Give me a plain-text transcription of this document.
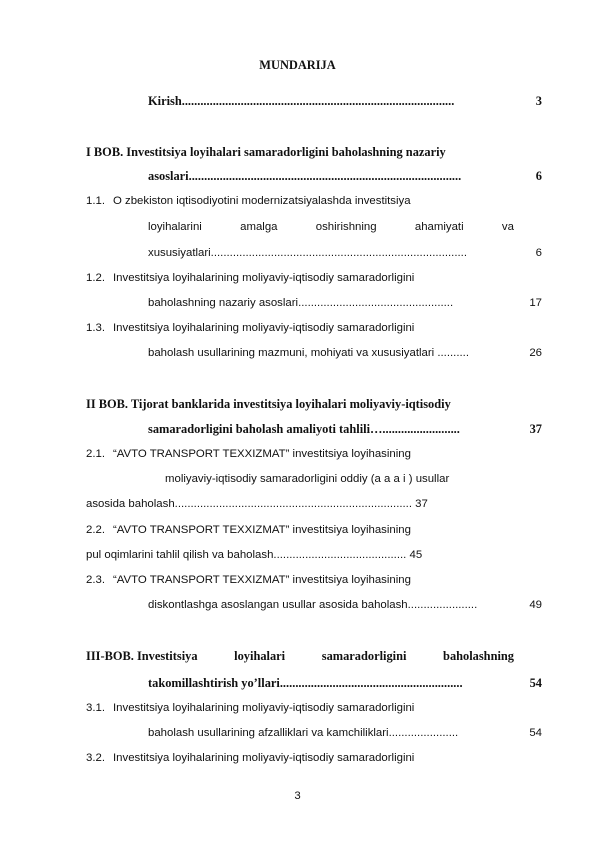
MUNDARIJA
Kirish........................................................................................	3
I BOB. Investitsiya loyihalari samaradorligini baholashning nazariy
asoslari........................................................................................	6
1.1. O zbekiston iqtisodiyotini modernizatsiyalashda investitsiya
loyihalarini	amalga	oshirishning	ahamiyati	va
xususiyatlari.................................................................................	6
1.2. Investitsiya loyihalarining moliyaviy-iqtisodiy samaradorligini
baholashning nazariy asoslari.................................................	17
1.3. Investitsiya loyihalarining moliyaviy-iqtisodiy samaradorligini
baholash usullarining mazmuni, mohiyati va xususiyatlari ..........	26
II BOB. Tijorat banklarida investitsiya loyihalari moliyaviy-iqtisodiy
samaradorligini baholash amaliyoti tahlili….........................	37
2.1. “AVTO TRANSPORT TEXXIZMAT” investitsiya loyihasining
moliyaviy-iqtisodiy samaradorligini oddiy (a a a i ) usullar
asosida baholash........................................................................... 37
2.2. “AVTO TRANSPORT TEXXIZMAT” investitsiya loyihasining
pul oqimlarini tahlil qilish va baholash.......................................... 45
2.3. “AVTO TRANSPORT TEXXIZMAT” investitsiya loyihasining
diskontlashga asoslangan usullar asosida baholash......................	49
III-BOB. Investitsiya	loyihalari	samaradorligini	baholashning
takomillashtirish yo’llari...........................................................	54
3.1. Investitsiya loyihalarining moliyaviy-iqtisodiy samaradorligini
baholash usullarining afzalliklari va kamchiliklari......................	54
3.2. Investitsiya loyihalarining moliyaviy-iqtisodiy samaradorligini
3
